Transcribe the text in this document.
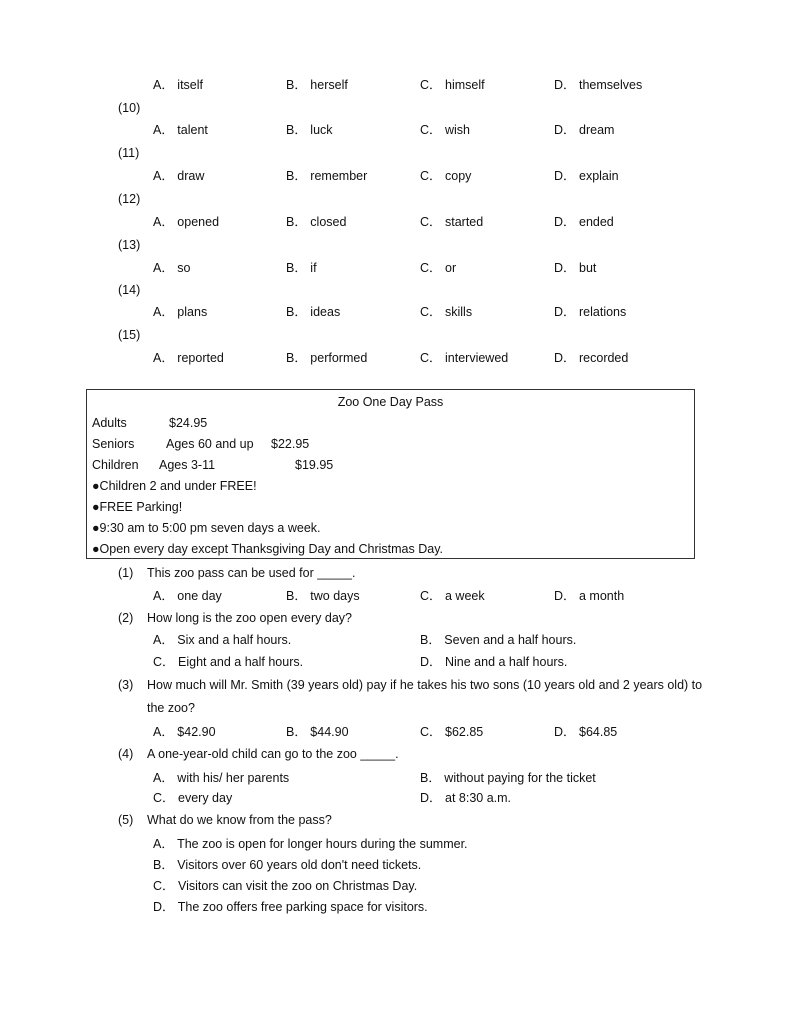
A． itself	B． herself	C． himself	D． themselves
(10)
A． talent	B． luck	C． wish	D． dream
(11)
A． draw	B． remember	C． copy	D． explain
(12)
A． opened	B． closed	C． started	D． ended
(13)
A． so	B． if	C． or	D． but
(14)
A． plans	B． ideas	C． skills	D． relations
(15)
A． reported	B． performed	C． interviewed	D． recorded
Zoo One Day Pass
Adults	$24.95
Seniors	Ages 60 and up $22.95
Children Ages 3-11	$19.95
●Children 2 and under FREE!
●FREE Parking!
●9:30 am to 5:00 pm seven days a week.
●Open every day except Thanksgiving Day and Christmas Day.
(1) This zoo pass can be used for _____.
A． one day	B． two days	C． a week	D． a month
(2) How long is the zoo open every day?
A． Six and a half hours.	B． Seven and a half hours.
C． Eight and a half hours.	D． Nine and a half hours.
(3) How much will Mr. Smith (39 years old) pay if he takes his two sons (10 years old and 2 years old) to
the zoo?
A． $42.90	B． $44.90	C． $62.85	D． $64.85
(4) A one-year-old child can go to the zoo _____.
A． with his/ her parents	B． without paying for the ticket
C． every day	D． at 8:30 a.m.
(5) What do we know from the pass?
A． The zoo is open for longer hours during the summer.
B． Visitors over 60 years old don't need tickets.
C． Visitors can visit the zoo on Christmas Day.
D． The zoo offers free parking space for visitors.
